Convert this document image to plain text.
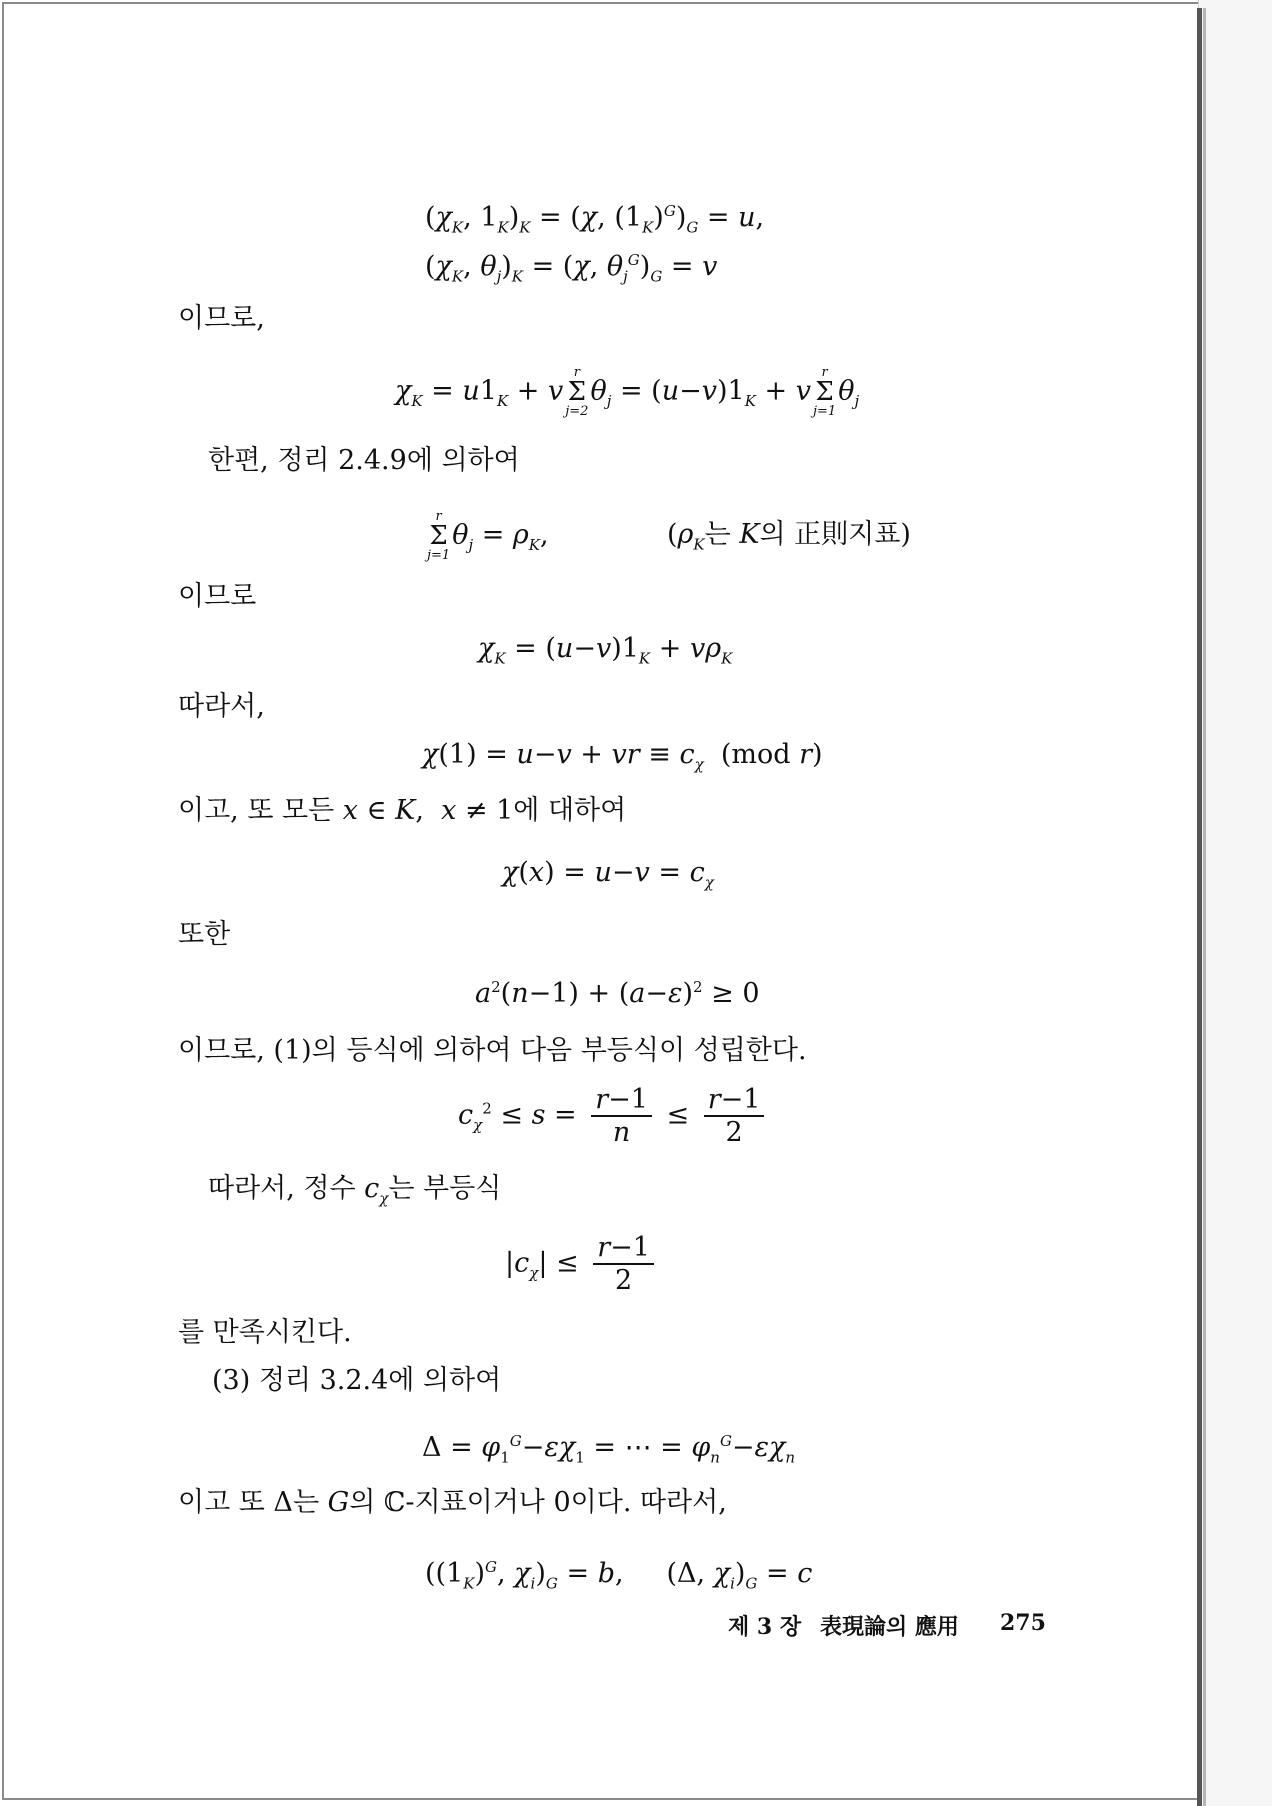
($\chi_K$, $1_K)_K = (\chi$, $(1_K)^G)_G = u$,
($\chi_K$, $\theta_j)_K = (\chi$, $\theta_j^G)_G = v$
이므로,
$\chi_K = u1_K + v$
r
Σ
j=2
$\theta_j = (u-v)1_K + v$
r
Σ
j=1
$\theta_j$
한편, 정리 2.4.9에 의하여
r
Σ
j=1
$\theta_j = \rho_K$,	($\rho_K$는 K의 正則지표)
이므로
$\chi_K = (u-v)1_K + v\rho_K$
따라서,
χ(1) = u−v + vr ≡ $c_\chi$  (mod r)
이고, 또 모든 x ∈ K,  x ≠ 1에 대하여
$\chi(x) = u-v = c_\chi$
또한
$a^2(n-1) + (a-\varepsilon)^2 \ge 0$
이므로, (1)의 등식에 의하여 다음 부등식이 성립한다.
$c_\chi^2 \le s = \frac{r-1}{n} \le \frac{r-1}{2}$
따라서, 정수 $c_\chi$는 부등식
$|c_\chi| \le \frac{r-1}{2}$
를 만족시킨다.
(3) 정리 3.2.4에 의하여
$\Delta = \varphi_1^G-\varepsilon\chi_1$ = ⋯ = $\varphi_n^G-\varepsilon\chi_n$
이고 또 Δ는 G의 ℂ-지표이거나 0이다. 따라서,
($(1_K)^G$, $\chi_i)_G = b$,     (Δ, $\chi_i)_G = c$
제 3 장 表現論의 應用 275
